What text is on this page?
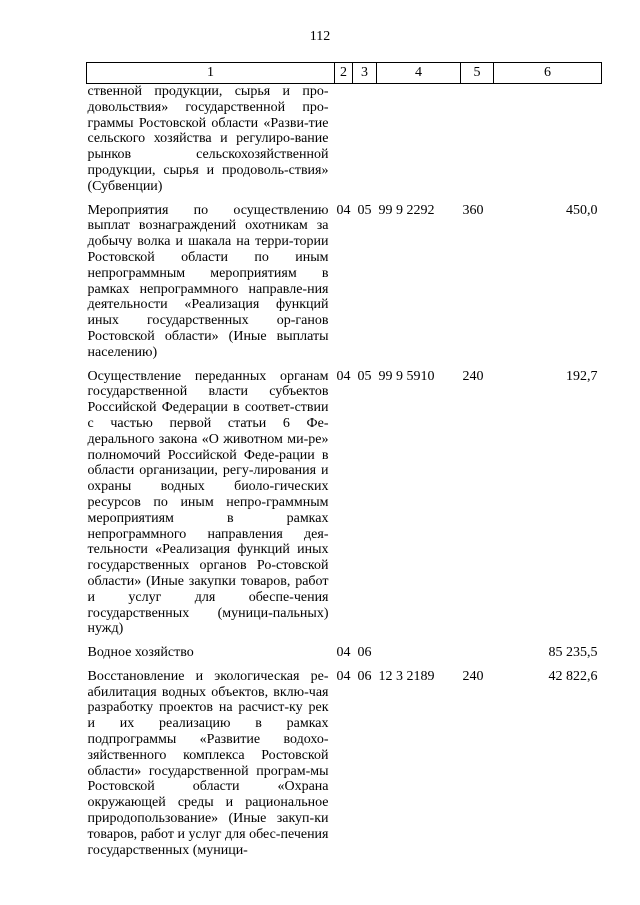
112
1	2	3	4	5	6
ственной продукции, сырья и про-довольствия» государственной про-граммы Ростовской области «Разви-тие сельского хозяйства и регулиро-вание рынков сельскохозяйственной продукции, сырья и продоволь-ствия» (Субвенции)					
Мероприятия по осуществлению выплат вознаграждений охотникам за добычу волка и шакала на терри-тории Ростовской области по иным непрограммным мероприятиям в рамках непрограммного направле-ния деятельности «Реализация функций иных государственных ор-ганов Ростовской области» (Иные выплаты населению)	04	05	99 9 2292	360	450,0
Осуществление переданных органам государственной власти субъектов Российской Федерации в соответ-ствии с частью первой статьи 6 Фе-дерального закона «О животном ми-ре» полномочий Российской Феде-рации в области организации, регу-лирования и охраны водных биоло-гических ресурсов по иным непро-граммным мероприятиям в рамках непрограммного направления дея-тельности «Реализация функций иных государственных органов Ро-стовской области» (Иные закупки товаров, работ и услуг для обеспе-чения государственных (муници-пальных) нужд)	04	05	99 9 5910	240	192,7
Водное хозяйство	04	06			85 235,5
Восстановление и экологическая ре-абилитация водных объектов, вклю-чая разработку проектов на расчист-ку рек и их реализацию в рамках подпрограммы «Развитие водохо-зяйственного комплекса Ростовской области» государственной програм-мы Ростовской области «Охрана окружающей среды и рациональное природопользование» (Иные закуп-ки товаров, работ и услуг для обес-печения государственных (муници-	04	06	12 3 2189	240	42 822,6
